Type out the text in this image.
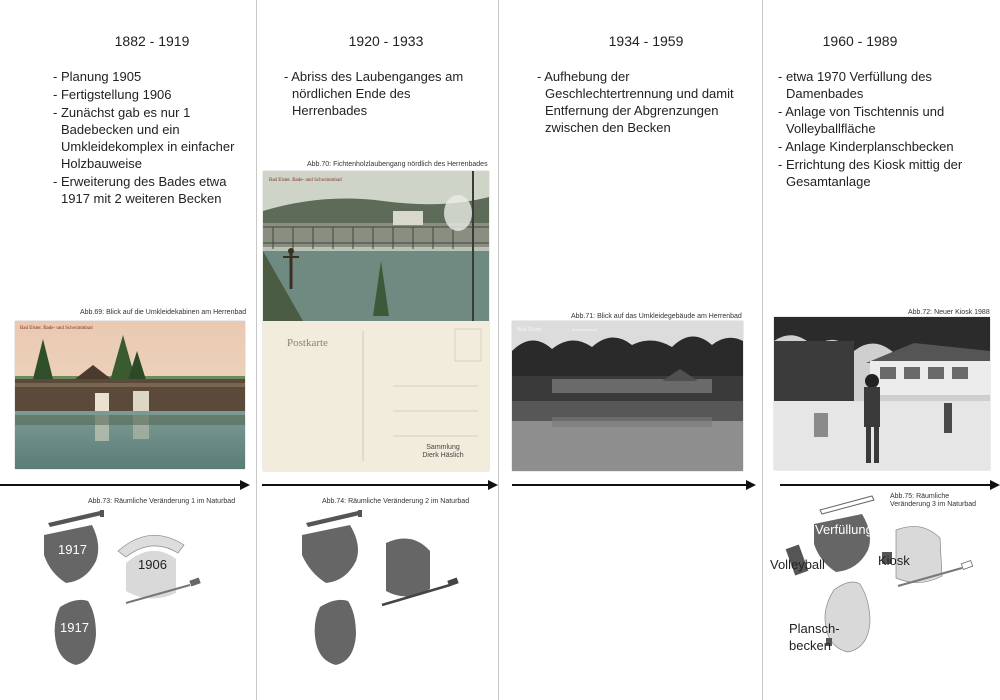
1882 - 1919	1920 - 1933	1934 - 1959	1960 - 1989
- Planung 1905
- Fertigstellung 1906
- Zunächst gab es nur 1 Badebecken und ein Umkleidekomplex in einfacher Holzbauweise
- Erweiterung des Bades etwa 1917 mit 2 weiteren Becken
- Abriss des Laubenganges am nördlichen Ende des Herrenbades
- Aufhebung der Geschlechtertrennung und damit Entfernung der Abgrenzungen zwischen den Becken
- etwa 1970 Verfüllung des Damenbades
- Anlage von Tischtennis und Volleyballfläche
- Anlage Kinderplanschbecken
- Errichtung des Kiosk mittig der Gesamtanlage
Abb.69: Blick auf die Umkleidekabinen am Herrenbad
Abb.70: Fichtenholzlaubengang nördlich des Herrenbades
Abb.71: Blick auf das Umkleidegebäude am Herrenbad
Abb.72: Neuer Kiosk 1988
Bad Elster. Bade- und Schwimmbad
Bad Elster. Bade- und Schwimmbad
Postkarte
Sammlung Dierk Häslich
Bad Elster	Schwimmbad
Abb.73: Räumliche Veränderung 1 im Naturbad	Abb.74: Räumliche Veränderung 2 im Naturbad
Abb.75: Räumliche Veränderung 3 im Naturbad
1917
1906
1917
Verfüllung
Volleyball	Kiosk
Plansch-
becken
